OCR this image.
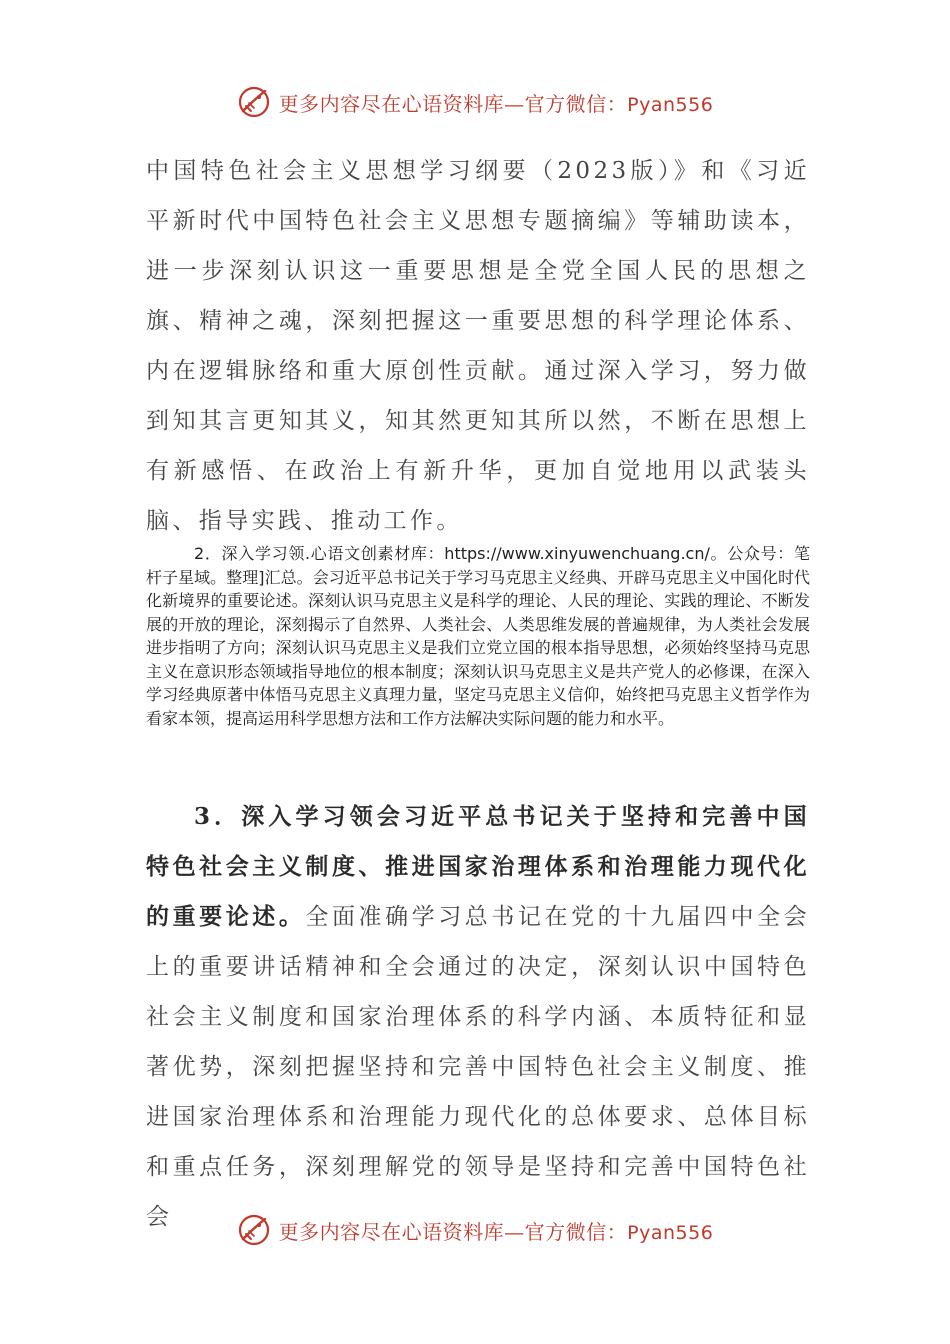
更多内容尽在心语资料库—官方微信：Pyan556

中国特色社会主义思想学习纲要（2023版）》和《习近平新时代中国特色社会主义思想专题摘编》等辅助读本，进一步深刻认识这一重要思想是全党全国人民的思想之旗、精神之魂，深刻把握这一重要思想的科学理论体系、内在逻辑脉络和重大原创性贡献。通过深入学习，努力做到知其言更知其义，知其然更知其所以然，不断在思想上有新感悟、在政治上有新升华，更加自觉地用以武装头脑、指导实践、推动工作。

2．深入学习领.心语文创素材库：https://www.xinyuwenchuang.cn/。公众号：笔杆子星域。整理]汇总。会习近平总书记关于学习马克思主义经典、开辟马克思主义中国化时代化新境界的重要论述。深刻认识马克思主义是科学的理论、人民的理论、实践的理论、不断发展的开放的理论，深刻揭示了自然界、人类社会、人类思维发展的普遍规律，为人类社会发展进步指明了方向；深刻认识马克思主义是我们立党立国的根本指导思想，必须始终坚持马克思主义在意识形态领域指导地位的根本制度；深刻认识马克思主义是共产党人的必修课，在深入学习经典原著中体悟马克思主义真理力量，坚定马克思主义信仰，始终把马克思主义哲学作为看家本领，提高运用科学思想方法和工作方法解决实际问题的能力和水平。

3．深入学习领会习近平总书记关于坚持和完善中国特色社会主义制度、推进国家治理体系和治理能力现代化的重要论述。全面准确学习总书记在党的十九届四中全会上的重要讲话精神和全会通过的决定，深刻认识中国特色社会主义制度和国家治理体系的科学内涵、本质特征和显著优势，深刻把握坚持和完善中国特色社会主义制度、推进国家治理体系和治理能力现代化的总体要求、总体目标和重点任务，深刻理解党的领导是坚持和完善中国特色社会

更多内容尽在心语资料库—官方微信：Pyan556
